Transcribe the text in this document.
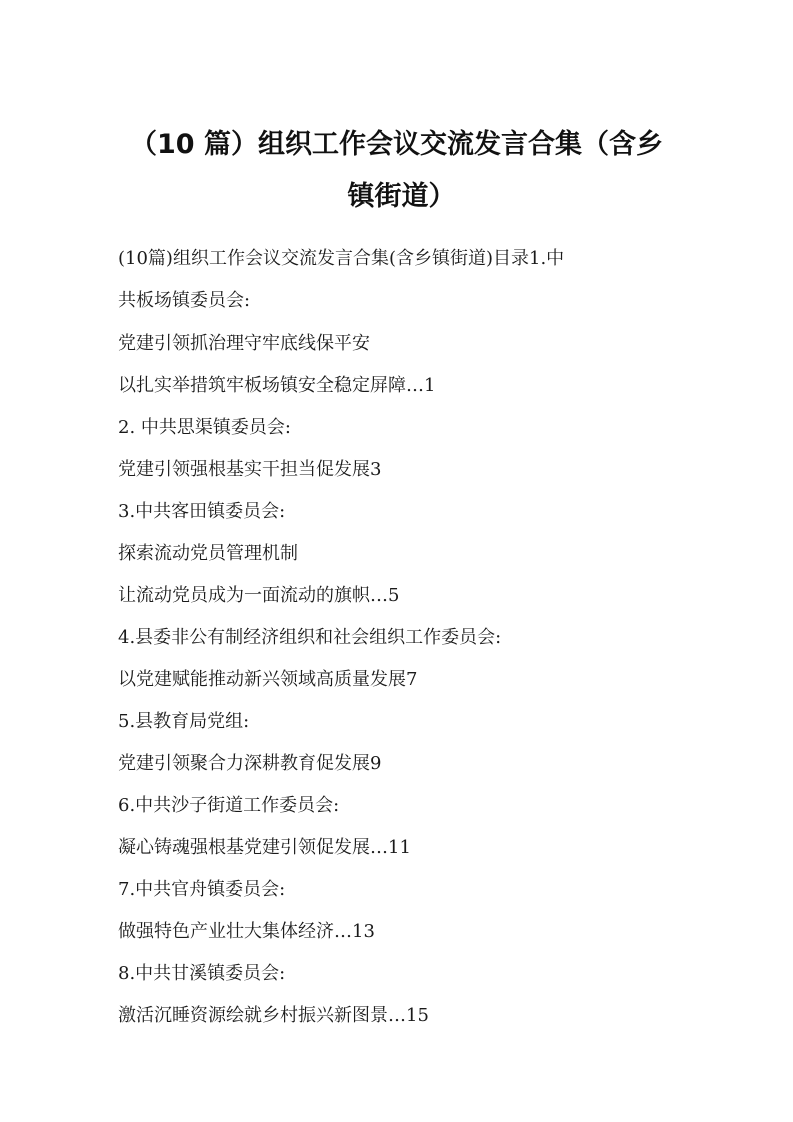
（10 篇）组织工作会议交流发言合集（含乡
镇街道）
(10篇)组织工作会议交流发言合集(含乡镇街道)目录1.中
共板场镇委员会:
党建引领抓治理守牢底线保平安
以扎实举措筑牢板场镇安全稳定屏障…1
2. 中共思渠镇委员会:
党建引领强根基实干担当促发展3
3.中共客田镇委员会:
探索流动党员管理机制
让流动党员成为一面流动的旗帜…5
4.县委非公有制经济组织和社会组织工作委员会:
以党建赋能推动新兴领域高质量发展7
5.县教育局党组:
党建引领聚合力深耕教育促发展9
6.中共沙子街道工作委员会:
凝心铸魂强根基党建引领促发展…11
7.中共官舟镇委员会:
做强特色产业壮大集体经济…13
8.中共甘溪镇委员会:
激活沉睡资源绘就乡村振兴新图景…15
